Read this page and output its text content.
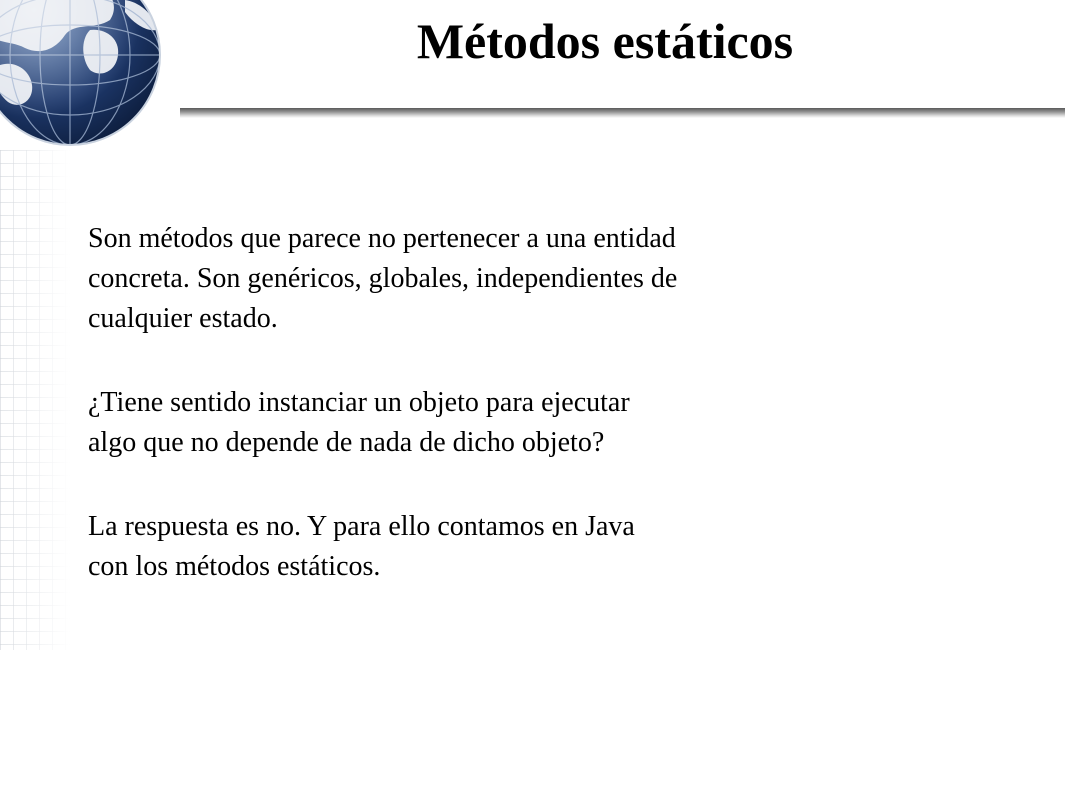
Métodos estáticos

Son métodos que parece no pertenecer a una entidad
concreta. Son genéricos, globales, independientes de
cualquier estado.

¿Tiene sentido instanciar un objeto para ejecutar
algo que no depende de nada de dicho objeto?

La respuesta es no. Y para ello contamos en Java
con los métodos estáticos.
